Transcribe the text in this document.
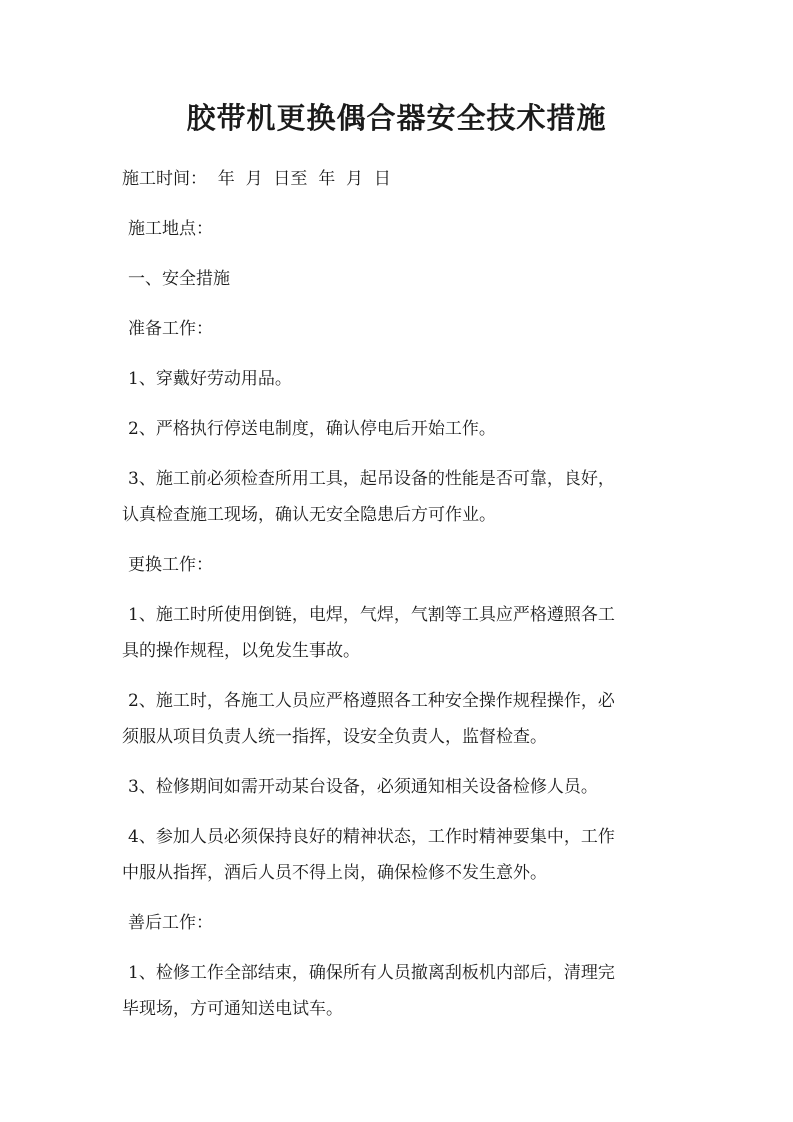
胶带机更换偶合器安全技术措施

施工时间：  年  月  日至  年  月  日

施工地点：

一、安全措施

准备工作：

1、穿戴好劳动用品。

2、严格执行停送电制度，确认停电后开始工作。

3、施工前必须检查所用工具，起吊设备的性能是否可靠，良好，

认真检查施工现场，确认无安全隐患后方可作业。

更换工作：

1、施工时所使用倒链，电焊，气焊，气割等工具应严格遵照各工

具的操作规程，以免发生事故。

2、施工时，各施工人员应严格遵照各工种安全操作规程操作，必

须服从项目负责人统一指挥，设安全负责人，监督检查。

3、检修期间如需开动某台设备，必须通知相关设备检修人员。

4、参加人员必须保持良好的精神状态，工作时精神要集中，工作

中服从指挥，酒后人员不得上岗，确保检修不发生意外。

善后工作：

1、检修工作全部结束，确保所有人员撤离刮板机内部后，清理完

毕现场，方可通知送电试车。
